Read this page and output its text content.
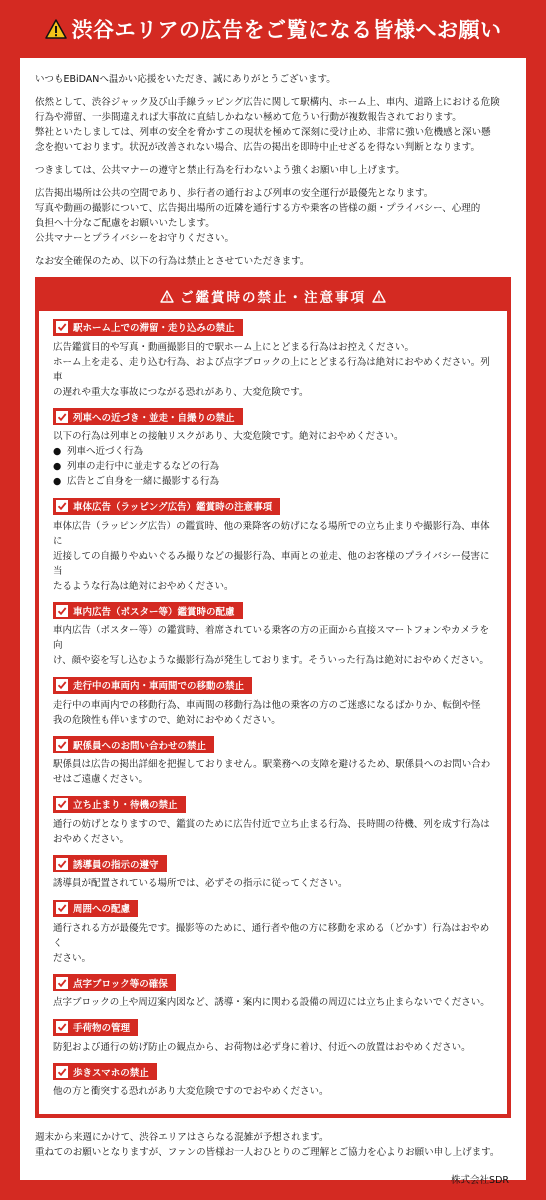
渋谷エリアの広告をご覧になる皆様へお願い

いつもEBiDANへ温かい応援をいただき、誠にありがとうございます。

依然として、渋谷ジャック及び山手線ラッピング広告に関して駅構内、ホーム上、車内、道路上における危険
行為や滞留、一歩間違えれば大事故に直結しかねない極めて危うい行動が複数報告されております。
弊社といたしましては、列車の安全を脅かすこの現状を極めて深刻に受け止め、非常に強い危機感と深い懸
念を抱いております。状況が改善されない場合、広告の掲出を即時中止せざるを得ない判断となります。

つきましては、公共マナーの遵守と禁止行為を行わないよう強くお願い申し上げます。

広告掲出場所は公共の空間であり、歩行者の通行および列車の安全運行が最優先となります。
写真や動画の撮影について、広告掲出場所の近隣を通行する方や乗客の皆様の顔・プライバシー、心理的
負担へ十分なご配慮をお願いいたします。
公共マナーとプライバシーをお守りください。

なお安全確保のため、以下の行為は禁止とさせていただきます。

ご鑑賞時の禁止・注意事項
駅ホーム上での滞留・走り込みの禁止
広告鑑賞目的や写真・動画撮影目的で駅ホーム上にとどまる行為はお控えください。
ホーム上を走る、走り込む行為、および点字ブロックの上にとどまる行為は絶対におやめください。列車
の遅れや重大な事故につながる恐れがあり、大変危険です。
列車への近づき・並走・自撮りの禁止
以下の行為は列車との接触リスクがあり、大変危険です。絶対におやめください。
● 列車へ近づく行為
● 列車の走行中に並走するなどの行為
● 広告とご自身を一緒に撮影する行為
車体広告（ラッピング広告）鑑賞時の注意事項
車体広告（ラッピング広告）の鑑賞時、他の乗降客の妨げになる場所での立ち止まりや撮影行為、車体に
近接しての自撮りやぬいぐるみ撮りなどの撮影行為、車両との並走、他のお客様のプライバシー侵害に当
たるような行為は絶対におやめください。
車内広告（ポスター等）鑑賞時の配慮
車内広告（ポスター等）の鑑賞時、着席されている乗客の方の正面から直接スマートフォンやカメラを向
け、顔や姿を写し込むような撮影行為が発生しております。そういった行為は絶対におやめください。
走行中の車両内・車両間での移動の禁止
走行中の車両内での移動行為、車両間の移動行為は他の乗客の方のご迷惑になるばかりか、転倒や怪
我の危険性も伴いますので、絶対におやめください。
駅係員へのお問い合わせの禁止
駅係員は広告の掲出詳細を把握しておりません。駅業務への支障を避けるため、駅係員へのお問い合わ
せはご遠慮ください。
立ち止まり・待機の禁止
通行の妨げとなりますので、鑑賞のために広告付近で立ち止まる行為、長時間の待機、列を成す行為は
おやめください。
誘導員の指示の遵守
誘導員が配置されている場所では、必ずその指示に従ってください。
周囲への配慮
通行される方が最優先です。撮影等のために、通行者や他の方に移動を求める（どかす）行為はおやめく
ださい。
点字ブロック等の確保
点字ブロックの上や周辺案内図など、誘導・案内に関わる設備の周辺には立ち止まらないでください。
手荷物の管理
防犯および通行の妨げ防止の観点から、お荷物は必ず身に着け、付近への放置はおやめください。
歩きスマホの禁止
他の方と衝突する恐れがあり大変危険ですのでおやめください。

週末から来週にかけて、渋谷エリアはさらなる混雑が予想されます。
重ねてのお願いとなりますが、ファンの皆様お一人おひとりのご理解とご協力を心よりお願い申し上げます。

株式会社SDR
